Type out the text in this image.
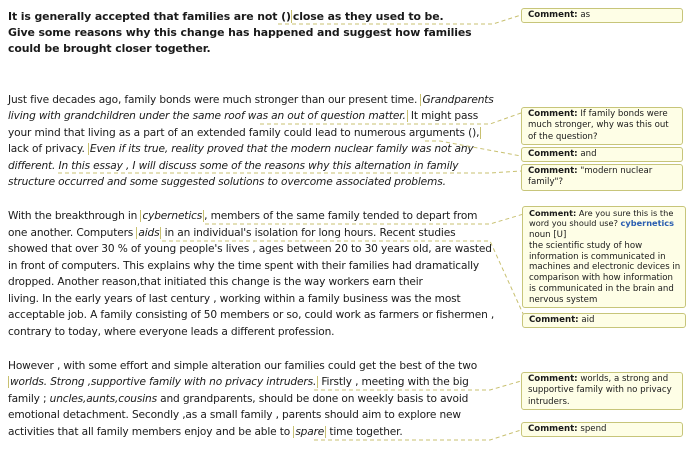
It is generally accepted that families are not () close as they used to be.
Give some reasons why this change has happened and suggest how families
could be brought closer together.
Just five decades ago, family bonds were much stronger than our present time. Grandparents
living with grandchildren under the same roof was an out of question matter. It might pass
your mind that living as a part of an extended family could lead to numerous arguments (),
lack of privacy. Even if its true, reality proved that the modern nuclear family was not any
different. In this essay , I will discuss some of the reasons why this alternation in family
structure occurred and some suggested solutions to overcome associated problems.
With the breakthrough in cybernetics , members of the same family tended to depart from
one another. Computers aids in an individual's isolation for long hours. Recent studies
showed that over 30 % of young people's lives , ages between 20 to 30 years old, are wasted
in front of computers. This explains why the time spent with their families had dramatically
dropped. Another reason,that initiated this change is the way workers earn their
living. In the early years of last century , working within a family business was the most
acceptable job. A family consisting of 50 members or so, could work as farmers or fishermen ,
contrary to today, where everyone leads a different profession.
However , with some effort and simple alteration our families could get the best of the two
worlds. Strong ,supportive family with no privacy intruders. Firstly , meeting with the big
family ; uncles,aunts,cousins and grandparents, should be done on weekly basis to avoid
emotional detachment. Secondly ,as a small family , parents should aim to explore new
activities that all family members enjoy and be able to spare time together.
Comment: as
Comment: If family bonds were much stronger, why was this out of the question?
Comment: and
Comment: "modern nuclear family"?
Comment: Are you sure this is the word you should use? cybernetics
noun [U]
the scientific study of how information is communicated in machines and electronic devices in comparison with how information is communicated in the brain and nervous system
Comment: aid
Comment: worlds, a strong and supportive family with no privacy intruders.
Comment: spend
